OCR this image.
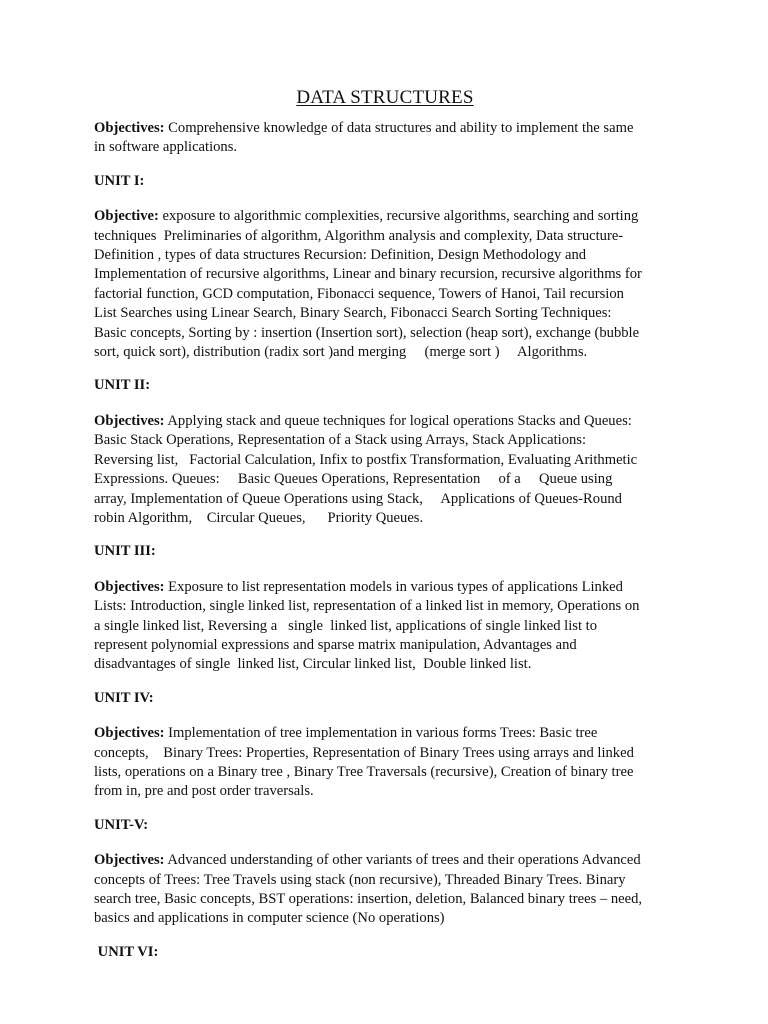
DATA STRUCTURES

Objectives: Comprehensive knowledge of data structures and ability to implement the same
in software applications.

UNIT I:

Objective: exposure to algorithmic complexities, recursive algorithms, searching and sorting
techniques  Preliminaries of algorithm, Algorithm analysis and complexity, Data structure-
Definition , types of data structures Recursion: Definition, Design Methodology and
Implementation of recursive algorithms, Linear and binary recursion, recursive algorithms for
factorial function, GCD computation, Fibonacci sequence, Towers of Hanoi, Tail recursion
List Searches using Linear Search, Binary Search, Fibonacci Search Sorting Techniques:
Basic concepts, Sorting by : insertion (Insertion sort), selection (heap sort), exchange (bubble
sort, quick sort), distribution (radix sort )and merging     (merge sort )     Algorithms.

UNIT II:

Objectives: Applying stack and queue techniques for logical operations Stacks and Queues:
Basic Stack Operations, Representation of a Stack using Arrays, Stack Applications:
Reversing list,   Factorial Calculation, Infix to postfix Transformation, Evaluating Arithmetic
Expressions. Queues:     Basic Queues Operations, Representation     of a     Queue using
array, Implementation of Queue Operations using Stack,     Applications of Queues-Round
robin Algorithm,    Circular Queues,      Priority Queues.

UNIT III:

Objectives: Exposure to list representation models in various types of applications Linked
Lists: Introduction, single linked list, representation of a linked list in memory, Operations on
a single linked list, Reversing a   single  linked list, applications of single linked list to
represent polynomial expressions and sparse matrix manipulation, Advantages and
disadvantages of single  linked list, Circular linked list,  Double linked list.

UNIT IV:

Objectives: Implementation of tree implementation in various forms Trees: Basic tree
concepts,    Binary Trees: Properties, Representation of Binary Trees using arrays and linked
lists, operations on a Binary tree , Binary Tree Traversals (recursive), Creation of binary tree
from in, pre and post order traversals.

UNIT-V:

Objectives: Advanced understanding of other variants of trees and their operations Advanced
concepts of Trees: Tree Travels using stack (non recursive), Threaded Binary Trees. Binary
search tree, Basic concepts, BST operations: insertion, deletion, Balanced binary trees – need,
basics and applications in computer science (No operations)

UNIT VI:
